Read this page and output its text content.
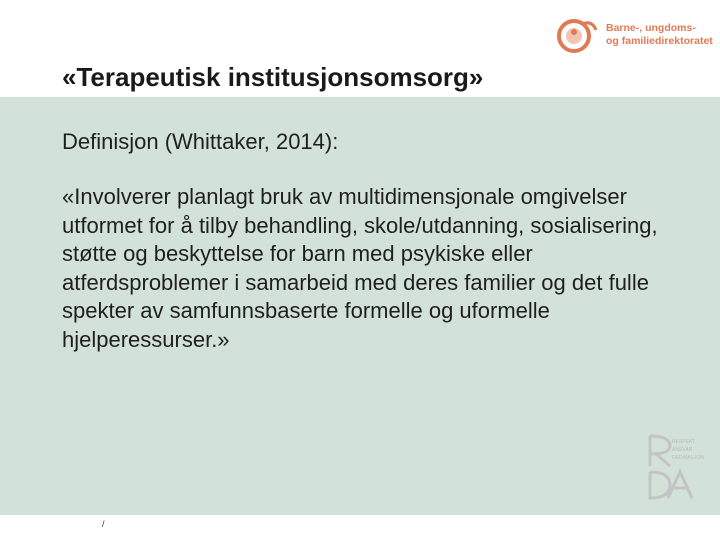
Barne-, ungdoms-
og familiedirektoratet
«Terapeutisk institusjonsomsorg»
Definisjon (Whittaker, 2014):
«Involverer planlagt bruk av multidimensjonale omgivelser utformet for å tilby behandling, skole/utdanning, sosialisering, støtte og beskyttelse for barn med psykiske eller atferdsproblemer i samarbeid med deres familier og det fulle spekter av samfunnsbaserte formelle og uformelle hjelperessurser.»
RESPEKT
ANSVAR
DEDIKASJON
/
